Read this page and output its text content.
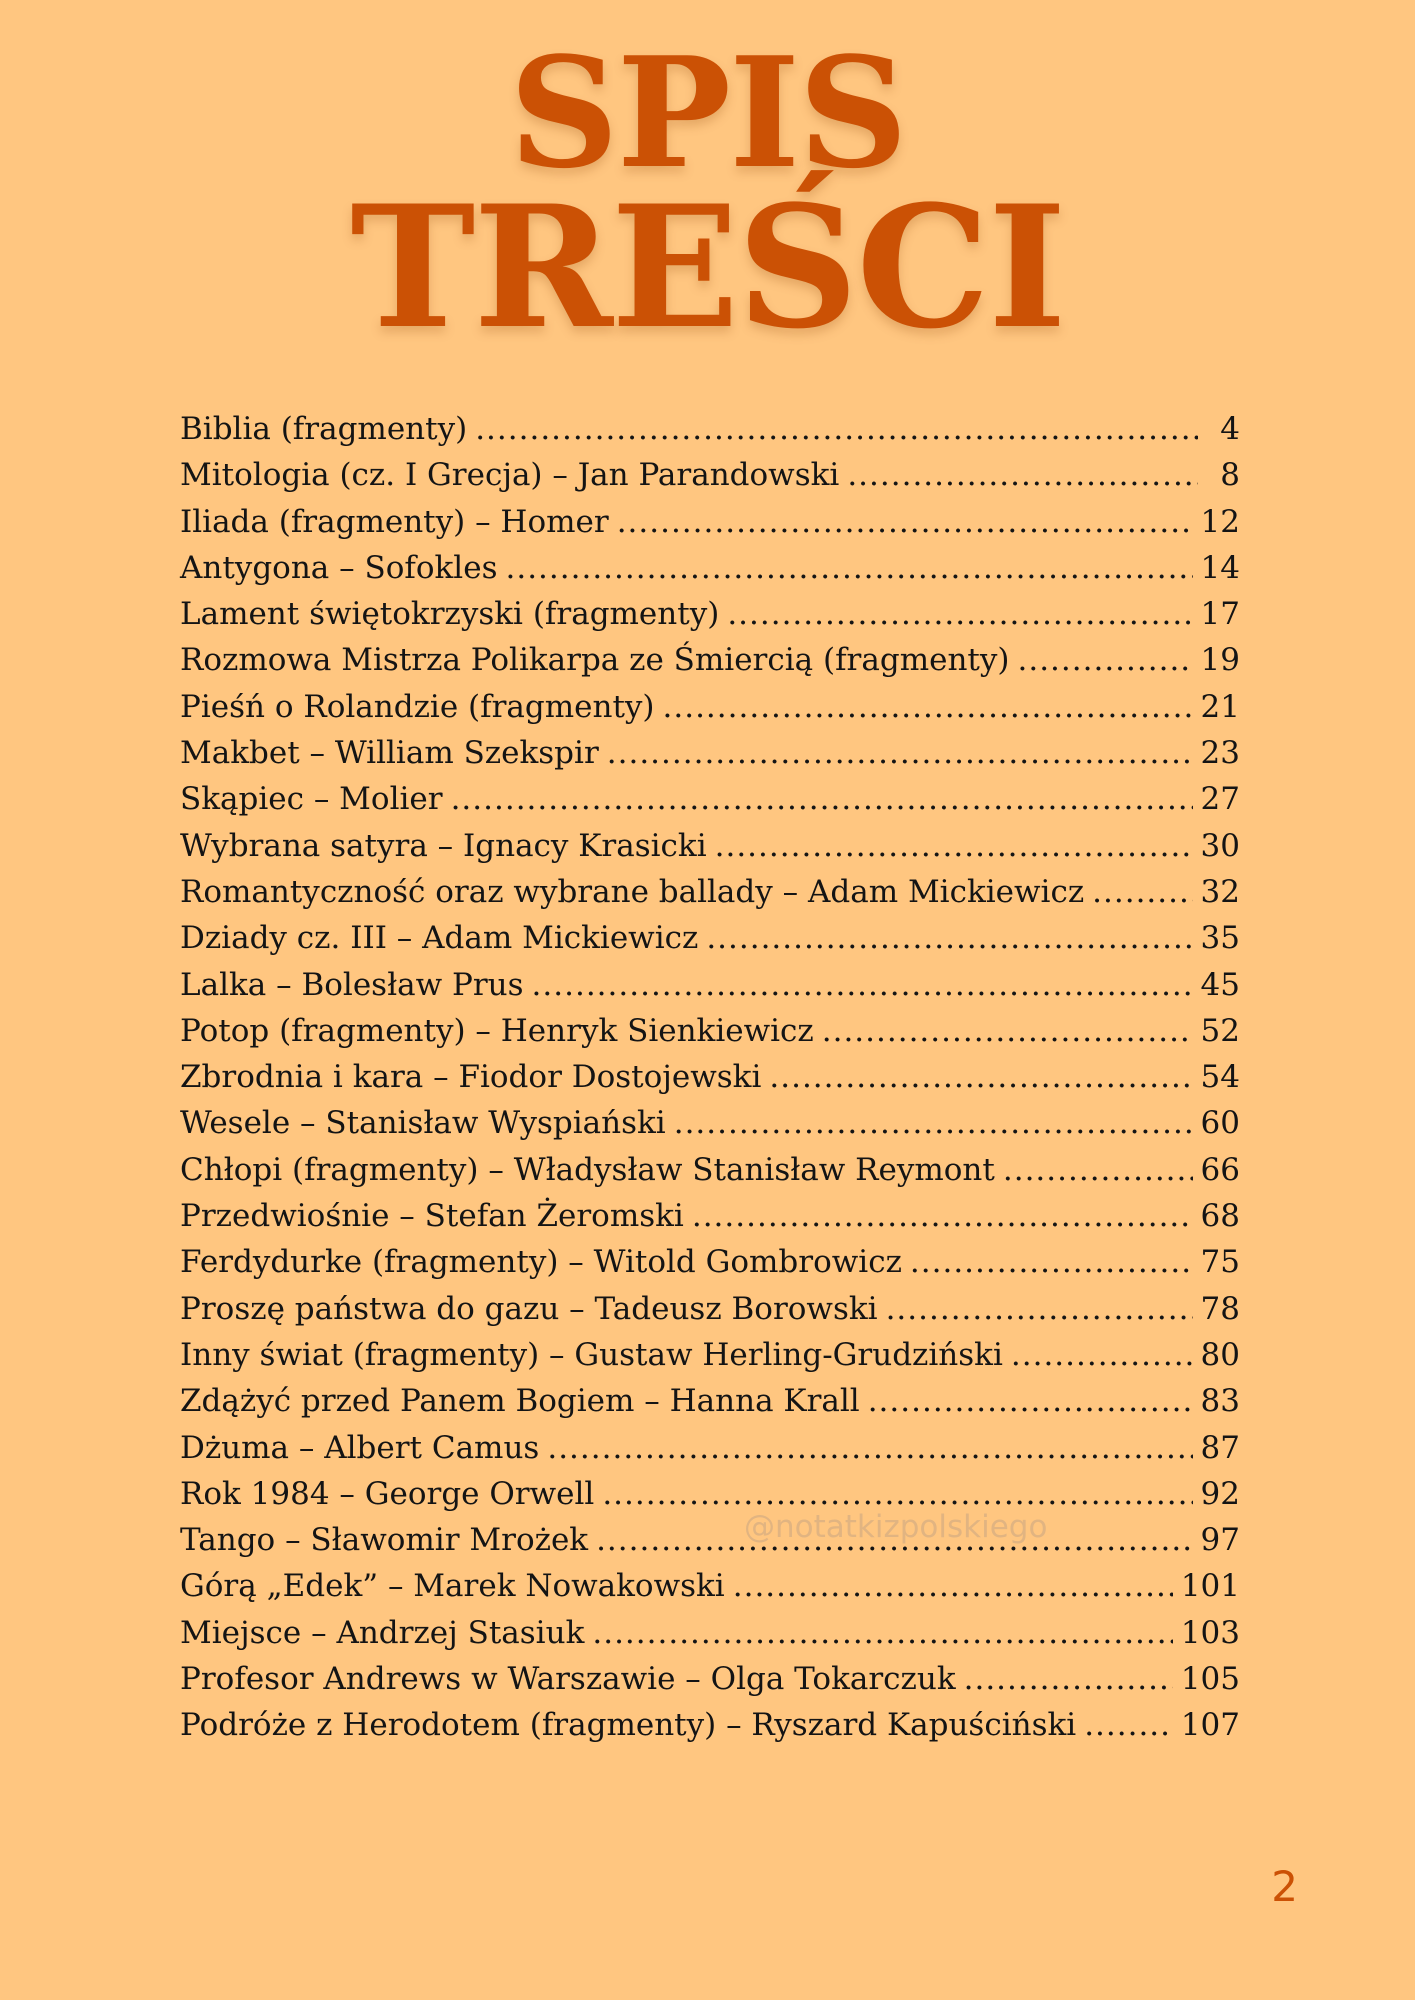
SPIS
TREŚCI
Biblia (fragmenty) .....	4
Mitologia (cz. I Grecja) – Jan Parandowski .....	8
Iliada (fragmenty) – Homer .....	12
Antygona – Sofokles .....	14
Lament świętokrzyski (fragmenty) .....	17
Rozmowa Mistrza Polikarpa ze Śmiercią (fragmenty) .....	19
Pieśń o Rolandzie (fragmenty) .....	21
Makbet – William Szekspir .....	23
Skąpiec – Molier .....	27
Wybrana satyra – Ignacy Krasicki .....	30
Romantyczność oraz wybrane ballady – Adam Mickiewicz .....	32
Dziady cz. III – Adam Mickiewicz .....	35
Lalka – Bolesław Prus .....	45
Potop (fragmenty) – Henryk Sienkiewicz .....	52
Zbrodnia i kara – Fiodor Dostojewski .....	54
Wesele – Stanisław Wyspiański .....	60
Chłopi (fragmenty) – Władysław Stanisław Reymont .....	66
Przedwiośnie – Stefan Żeromski .....	68
Ferdydurke (fragmenty) – Witold Gombrowicz .....	75
Proszę państwa do gazu – Tadeusz Borowski .....	78
Inny świat (fragmenty) – Gustaw Herling-Grudziński .....	80
Zdążyć przed Panem Bogiem – Hanna Krall .....	83
Dżuma – Albert Camus .....	87
Rok 1984 – George Orwell .....	92
Tango – Sławomir Mrożek .....	97
Górą „Edek” – Marek Nowakowski .....	101
Miejsce – Andrzej Stasiuk .....	103
Profesor Andrews w Warszawie – Olga Tokarczuk .....	105
Podróże z Herodotem (fragmenty) – Ryszard Kapuściński .....	107
@notatkizpolskiego
2
